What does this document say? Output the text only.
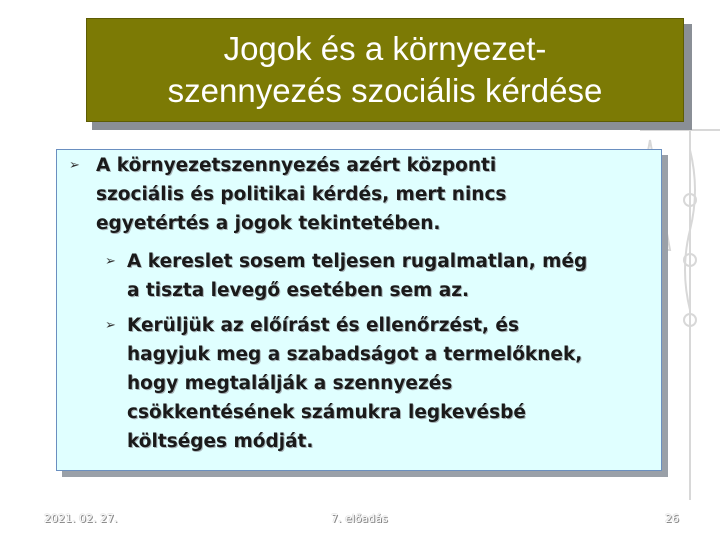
Jogok és a környezet-
szennyezés szociális kérdése
➢ A környezetszennyezés azért központi
szociális és politikai kérdés, mert nincs
egyetértés a jogok tekintetében.
➢ A kereslet sosem teljesen rugalmatlan, még
a tiszta levegő esetében sem az.
➢ Kerüljük az előírást és ellenőrzést, és
hagyjuk meg a szabadságot a termelőknek,
hogy megtalálják a szennyezés
csökkentésének számukra legkevésbé
költséges módját.
2021. 02. 27.	7. előadás	26
